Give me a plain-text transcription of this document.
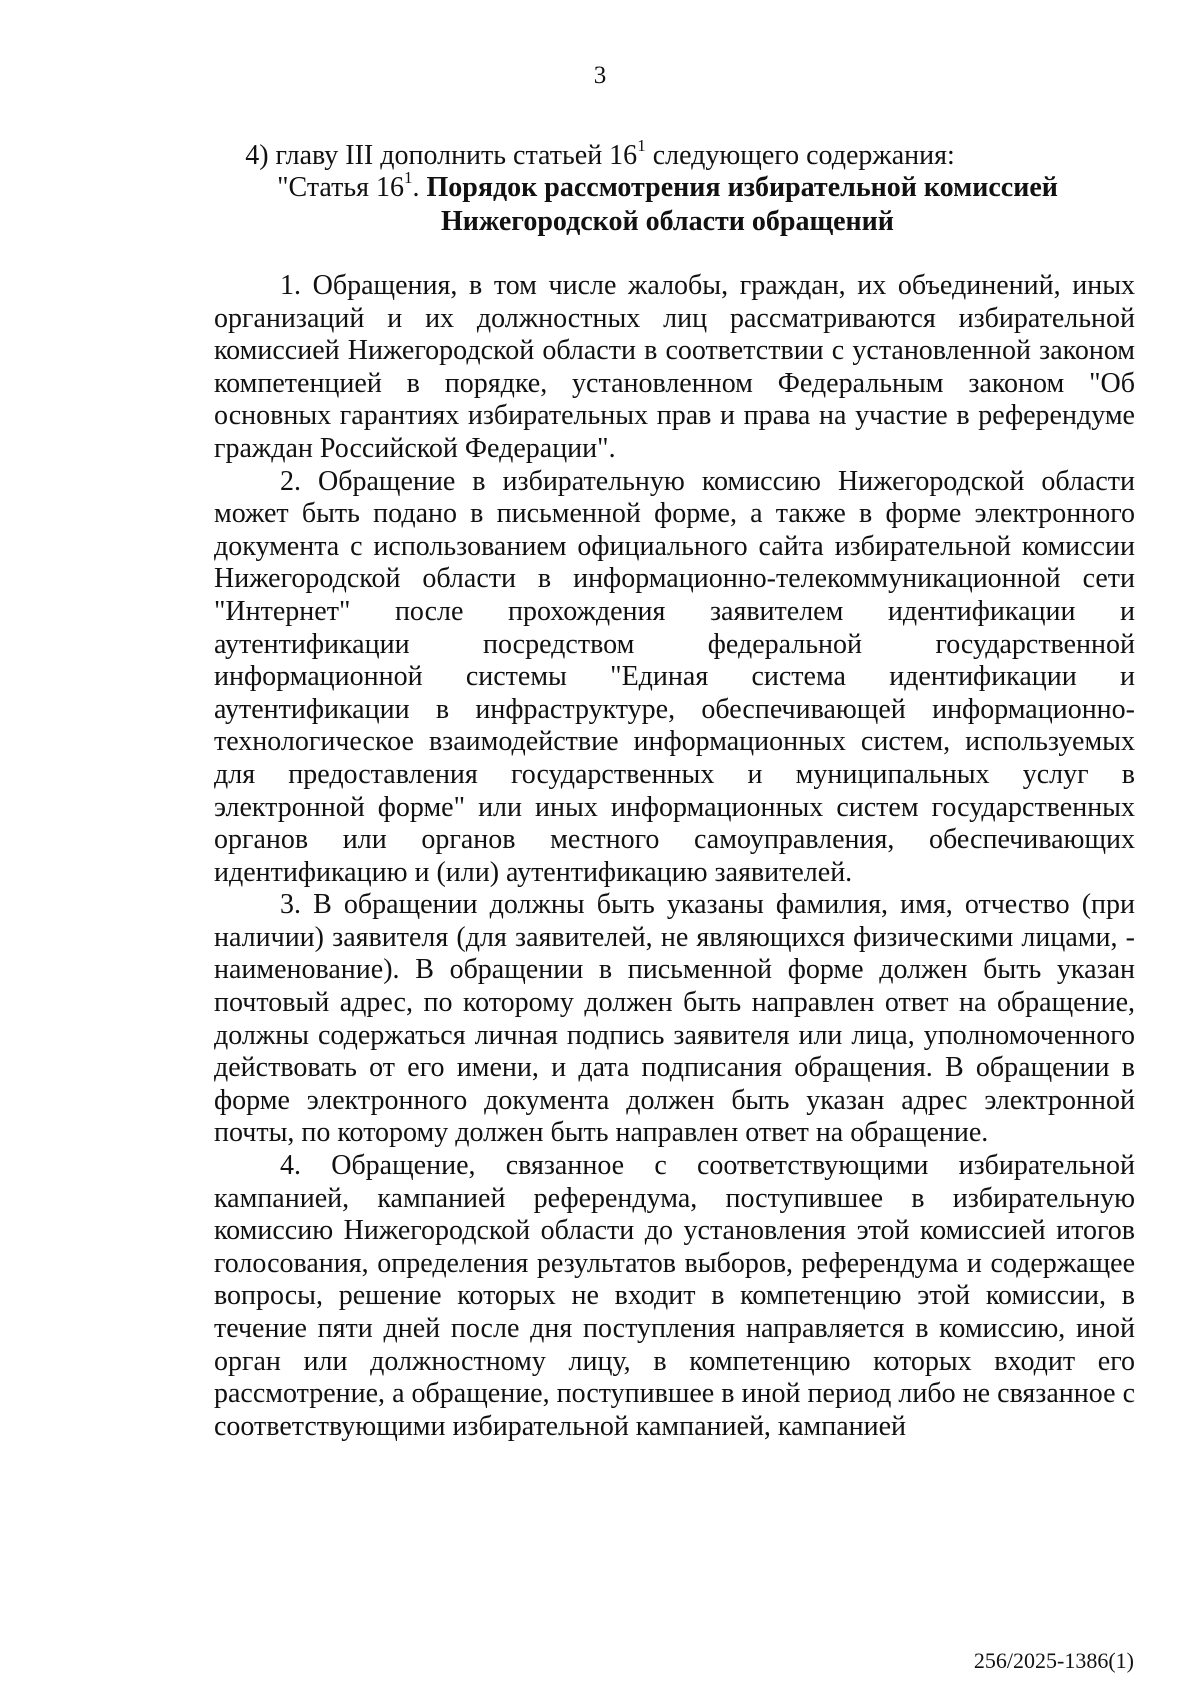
3
4) главу III дополнить статьей $16^1$ следующего содержания:
"Статья $16^1$. Порядок рассмотрения избирательной комиссией Нижегородской области обращений

1. Обращения, в том числе жалобы, граждан, их объединений, иных организаций и их должностных лиц рассматриваются избирательной комиссией Нижегородской области в соответствии с установленной законом компетенцией в порядке, установленном Федеральным законом "Об основных гарантиях избирательных прав и права на участие в референдуме граждан Российской Федерации".

2. Обращение в избирательную комиссию Нижегородской области может быть подано в письменной форме, а также в форме электронного документа с использованием официального сайта избирательной комиссии Нижегородской области в информационно-телекоммуникационной сети "Интернет" после прохождения заявителем идентификации и аутентификации посредством федеральной государственной информационной системы "Единая система идентификации и аутентификации в инфраструктуре, обеспечивающей информационно-технологическое взаимодействие информационных систем, используемых для предоставления государственных и муниципальных услуг в электронной форме" или иных информационных систем государственных органов или органов местного самоуправления, обеспечивающих идентификацию и (или) аутентификацию заявителей.

3. В обращении должны быть указаны фамилия, имя, отчество (при наличии) заявителя (для заявителей, не являющихся физическими лицами, - наименование). В обращении в письменной форме должен быть указан почтовый адрес, по которому должен быть направлен ответ на обращение, должны содержаться личная подпись заявителя или лица, уполномоченного действовать от его имени, и дата подписания обращения. В обращении в форме электронного документа должен быть указан адрес электронной почты, по которому должен быть направлен ответ на обращение.

4. Обращение, связанное с соответствующими избирательной кампанией, кампанией референдума, поступившее в избирательную комиссию Нижегородской области до установления этой комиссией итогов голосования, определения результатов выборов, референдума и содержащее вопросы, решение которых не входит в компетенцию этой комиссии, в течение пяти дней после дня поступления направляется в комиссию, иной орган или должностному лицу, в компетенцию которых входит его рассмотрение, а обращение, поступившее в иной период либо не связанное с соответствующими избирательной кампанией, кампанией

256/2025-1386(1)
